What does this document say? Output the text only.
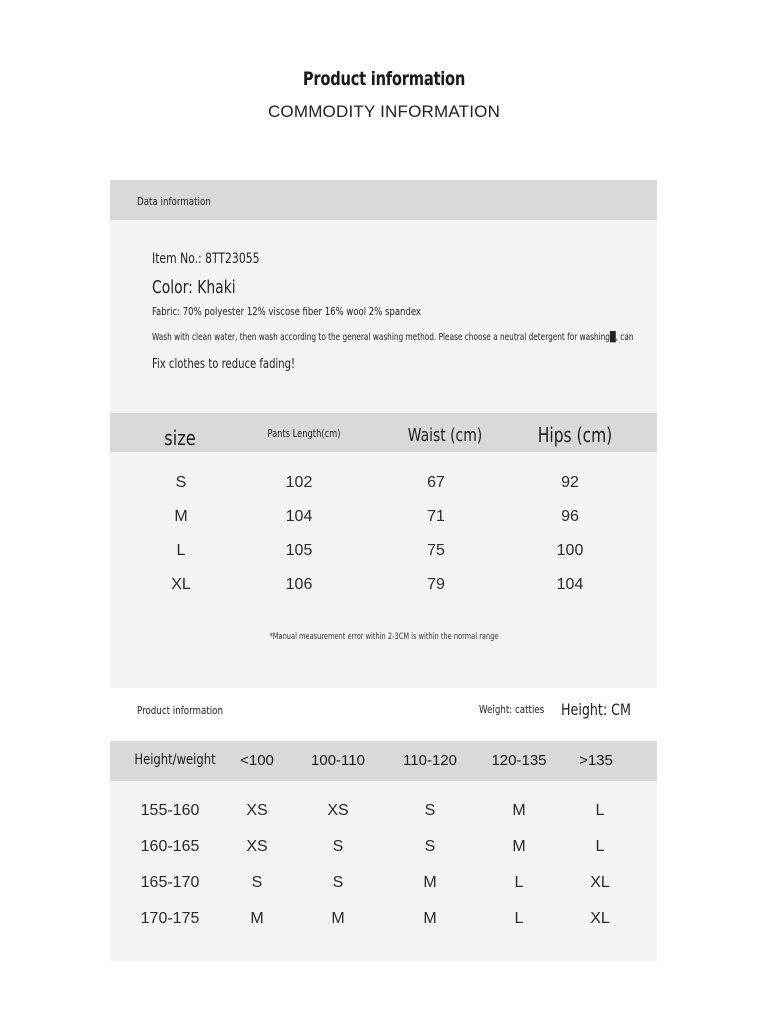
Product information
COMMODITY INFORMATION
Data information
Item No.: 8TT23055
Color: Khaki
Fabric: 70% polyester 12% viscose fiber 16% wool 2% spandex
Wash with clean water, then wash according to the general washing method. Please choose a neutral detergent for washing█, can
Fix clothes to reduce fading!
size	Pants Length(cm)	Waist (cm)	Hips (cm)
S	102	67	92
M	104	71	96
L	105	75	100
XL	106	79	104
*Manual measurement error within 2-3CM is within the normal range
Product information	Weight: catties Height: CM
Height/weight	<100	100-110	110-120	120-135	>135
155-160	XS	XS	S	M	L
160-165	XS	S	S	M	L
165-170	S	S	M	L	XL
170-175	M	M	M	L	XL
